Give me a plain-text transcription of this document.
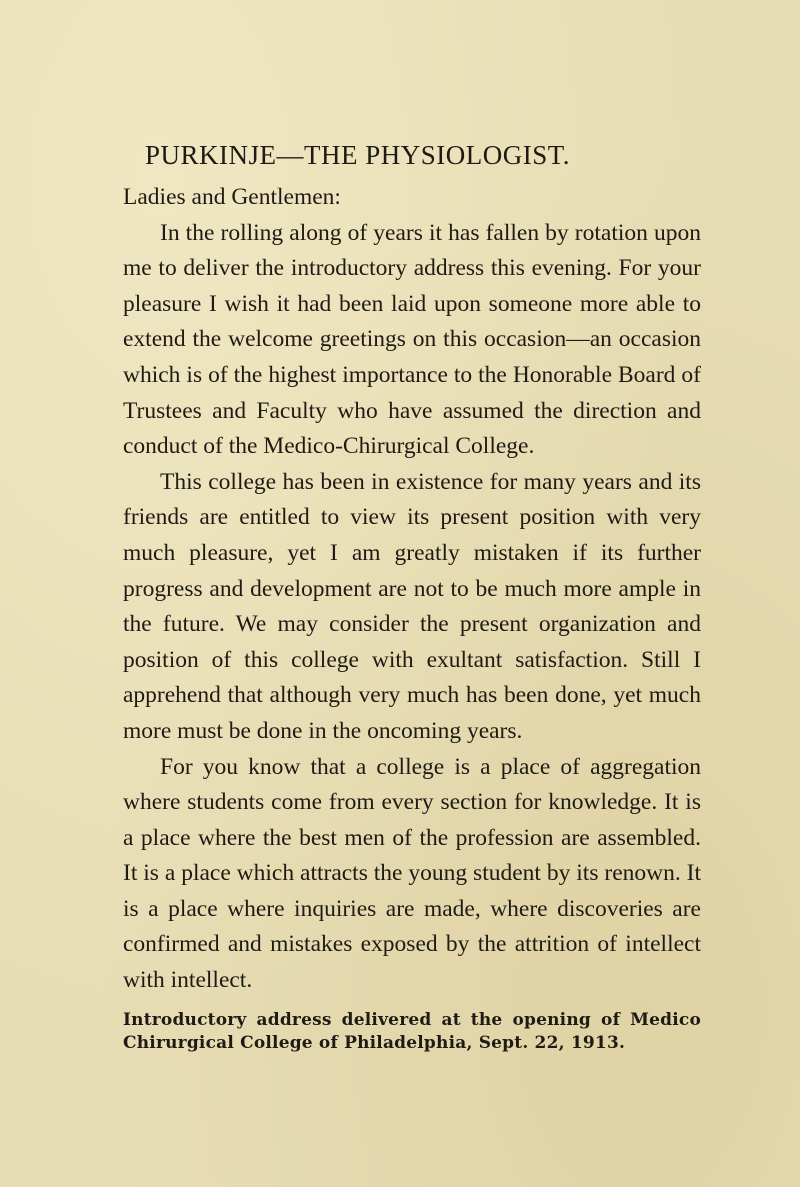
PURKINJE—THE PHYSIOLOGIST.

Ladies and Gentlemen:

In the rolling along of years it has fallen by rotation upon me to deliver the introductory address this evening. For your pleasure I wish it had been laid upon someone more able to extend the welcome greetings on this occasion—an occasion which is of the highest importance to the Honorable Board of Trustees and Faculty who have assumed the direction and conduct of the Medico-Chirurgical College.

This college has been in existence for many years and its friends are entitled to view its present position with very much pleasure, yet I am greatly mistaken if its further progress and development are not to be much more ample in the future. We may consider the present organization and position of this college with exultant satisfaction. Still I apprehend that although very much has been done, yet much more must be done in the oncoming years.

For you know that a college is a place of aggregation where students come from every section for knowledge. It is a place where the best men of the profession are assembled. It is a place which attracts the young student by its renown. It is a place where inquiries are made, where discoveries are confirmed and mistakes exposed by the attrition of intellect with intellect.

Introductory address delivered at the opening of Medico Chirurgical College of Philadelphia, Sept. 22, 1913.
